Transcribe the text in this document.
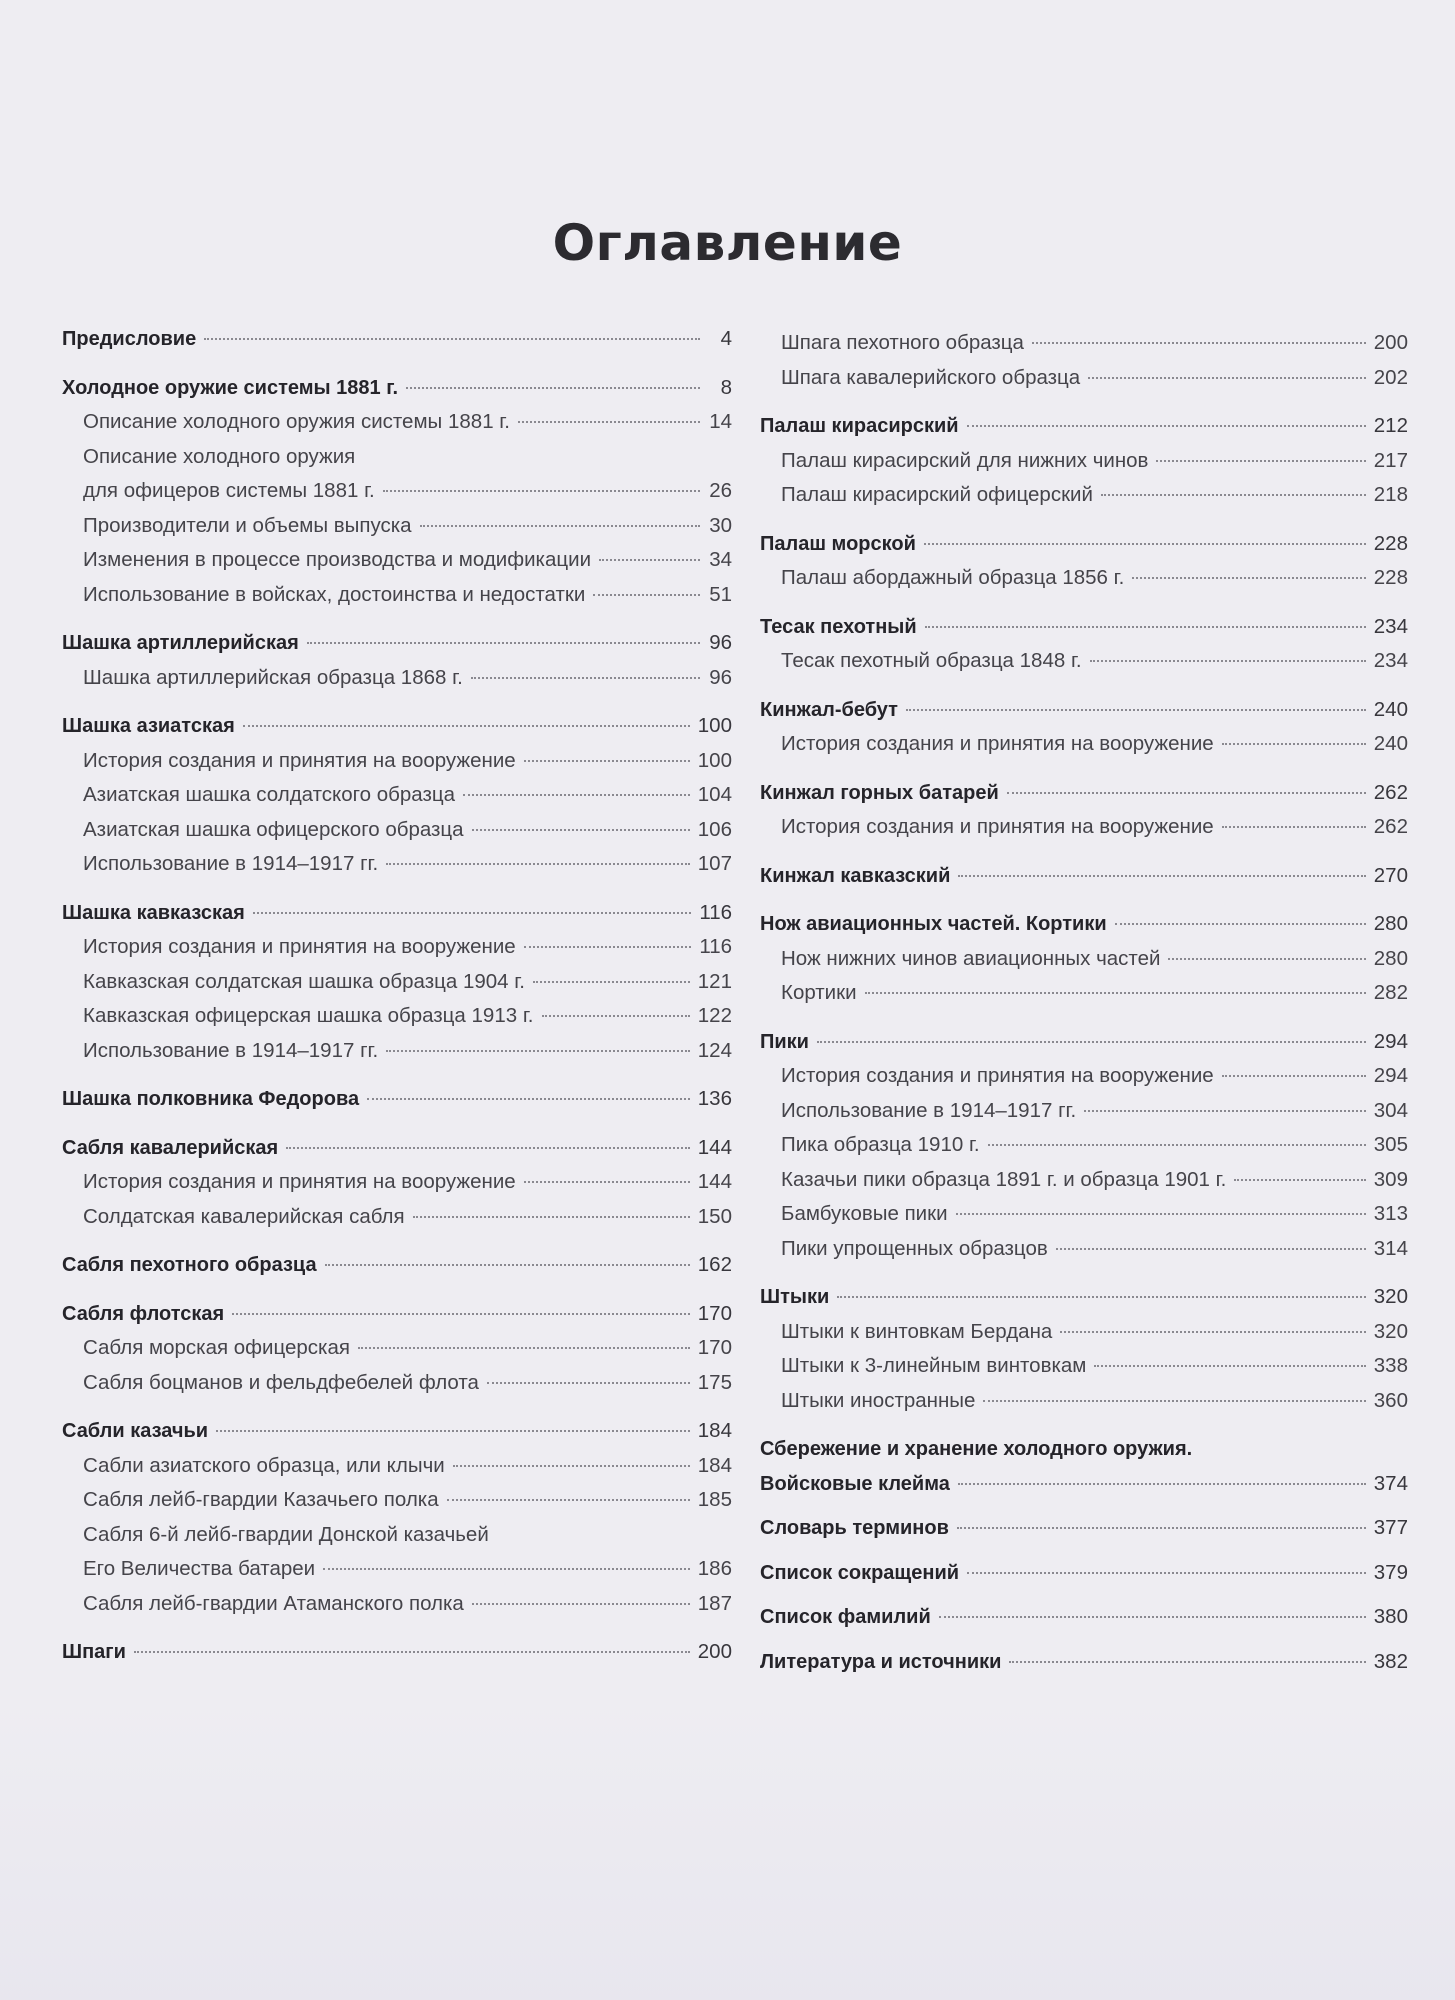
Оглавление
Предисловие	4
Холодное оружие системы 1881 г.	8
Описание холодного оружия системы 1881 г.	14
Описание холодного оружия
для офицеров системы 1881 г.	26
Производители и объемы выпуска	30
Изменения в процессе производства и модификации	34
Использование в войсках, достоинства и недостатки	51
Шашка артиллерийская	96
Шашка артиллерийская образца 1868 г.	96
Шашка азиатская	100
История создания и принятия на вооружение	100
Азиатская шашка солдатского образца	104
Азиатская шашка офицерского образца	106
Использование в 1914–1917 гг.	107
Шашка кавказская	116
История создания и принятия на вооружение	116
Кавказская солдатская шашка образца 1904 г.	121
Кавказская офицерская шашка образца 1913 г.	122
Использование в 1914–1917 гг.	124
Шашка полковника Федорова	136
Сабля кавалерийская	144
История создания и принятия на вооружение	144
Солдатская кавалерийская сабля	150
Сабля пехотного образца	162
Сабля флотская	170
Сабля морская офицерская	170
Сабля боцманов и фельдфебелей флота	175
Сабли казачьи	184
Сабли азиатского образца, или клычи	184
Сабля лейб-гвардии Казачьего полка	185
Сабля 6-й лейб-гвардии Донской казачьей
Его Величества батареи	186
Сабля лейб-гвардии Атаманского полка	187
Шпаги	200
Шпага пехотного образца	200
Шпага кавалерийского образца	202
Палаш кирасирский	212
Палаш кирасирский для нижних чинов	217
Палаш кирасирский офицерский	218
Палаш морской	228
Палаш абордажный образца 1856 г.	228
Тесак пехотный	234
Тесак пехотный образца 1848 г.	234
Кинжал-бебут	240
История создания и принятия на вооружение	240
Кинжал горных батарей	262
История создания и принятия на вооружение	262
Кинжал кавказский	270
Нож авиационных частей. Кортики	280
Нож нижних чинов авиационных частей	280
Кортики	282
Пики	294
История создания и принятия на вооружение	294
Использование в 1914–1917 гг.	304
Пика образца 1910 г.	305
Казачьи пики образца 1891 г. и образца 1901 г.	309
Бамбуковые пики	313
Пики упрощенных образцов	314
Штыки	320
Штыки к винтовкам Бердана	320
Штыки к 3-линейным винтовкам	338
Штыки иностранные	360
Сбережение и хранение холодного оружия.
Войсковые клейма	374
Словарь терминов	377
Список сокращений	379
Список фамилий	380
Литература и источники	382
